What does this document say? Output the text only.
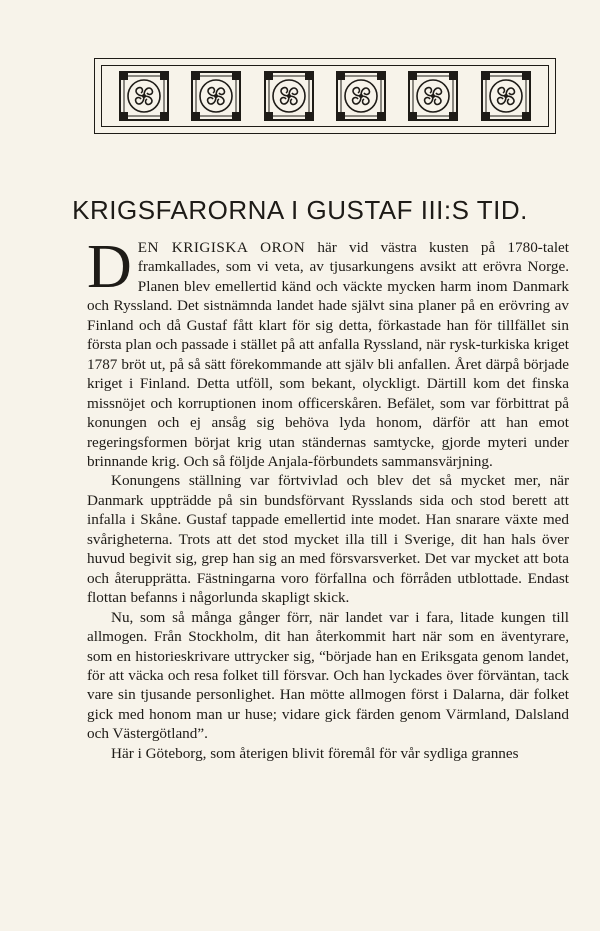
KRIGSFARORNA I GUSTAF III:S TID.

DEN KRIGISKA ORON här vid västra kusten på 1780-talet framkallades, som vi veta, av tjusarkungens avsikt att erövra Norge. Planen blev emellertid känd och väckte mycken harm inom Danmark och Ryssland. Det sistnämnda landet hade självt sina planer på en erövring av Finland och då Gustaf fått klart för sig detta, förkastade han för tillfället sin första plan och passade i stället på att anfalla Ryssland, när rysk-turkiska kriget 1787 bröt ut, på så sätt förekommande att själv bli anfallen. Året därpå började kriget i Finland. Detta utföll, som bekant, olyckligt. Därtill kom det finska missnöjet och korruptionen inom officerskåren. Befälet, som var förbittrat på konungen och ej ansåg sig behöva lyda honom, därför att han emot regeringsformen börjat krig utan ständernas samtycke, gjorde myteri under brinnande krig. Och så följde Anjala-förbundets sammansvärjning.

Konungens ställning var förtvivlad och blev det så mycket mer, när Danmark uppträdde på sin bundsförvant Rysslands sida och stod berett att infalla i Skåne. Gustaf tappade emellertid inte modet. Han snarare växte med svårigheterna. Trots att det stod mycket illa till i Sverige, dit han hals över huvud begivit sig, grep han sig an med försvarsverket. Det var mycket att bota och återupprätta. Fästningarna voro förfallna och förråden utblottade. Endast flottan befanns i någorlunda skapligt skick.

Nu, som så många gånger förr, när landet var i fara, litade kungen till allmogen. Från Stockholm, dit han återkommit hart när som en äventyrare, som en historieskrivare uttrycker sig, “började han en Eriksgata genom landet, för att väcka och resa folket till försvar. Och han lyckades över förväntan, tack vare sin tjusande personlighet. Han mötte allmogen först i Dalarna, där folket gick med honom man ur huse; vidare gick färden genom Värmland, Dalsland och Västergötland”.

Här i Göteborg, som återigen blivit föremål för vår sydliga grannes
